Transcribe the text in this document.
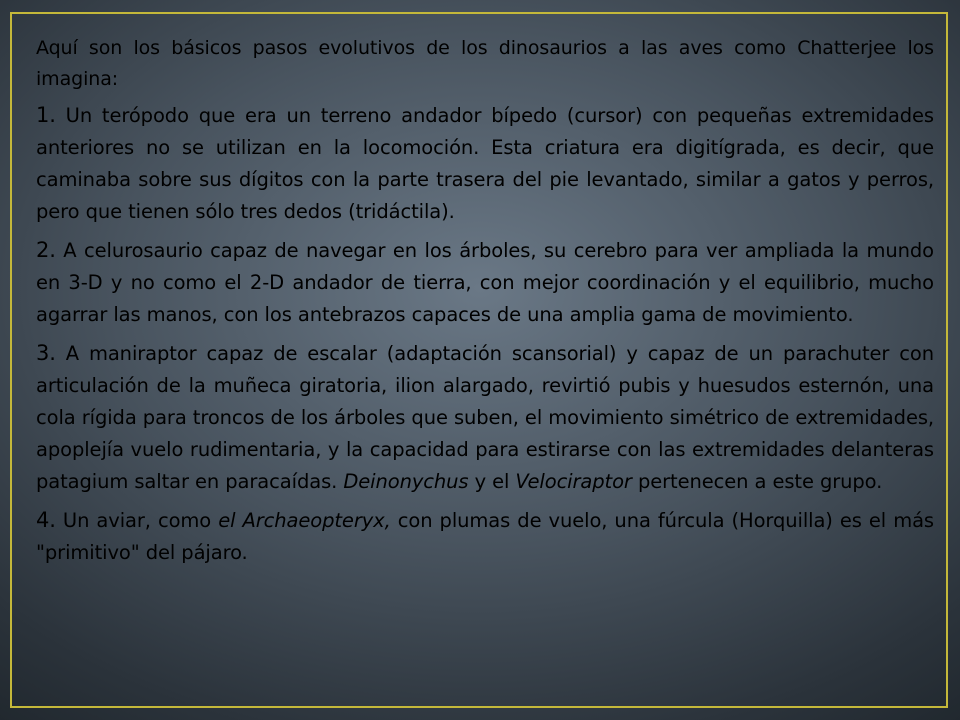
Aquí son los básicos pasos evolutivos de los dinosaurios a las aves como Chatterjee los imagina:

1. Un terópodo que era un terreno andador bípedo (cursor) con pequeñas extremidades anteriores no se utilizan en la locomoción. Esta criatura era digitígrada, es decir, que caminaba sobre sus dígitos con la parte trasera del pie levantado, similar a gatos y perros, pero que tienen sólo tres dedos (tridáctila).

2. A celurosaurio capaz de navegar en los árboles, su cerebro para ver ampliada la mundo en 3-D y no como el 2-D andador de tierra, con mejor coordinación y el equilibrio, mucho agarrar las manos, con los antebrazos capaces de una amplia gama de movimiento.

3. A maniraptor capaz de escalar (adaptación scansorial) y capaz de un parachuter con articulación de la muñeca giratoria, ilion alargado, revirtió pubis y huesudos esternón, una cola rígida para troncos de los árboles que suben, el movimiento simétrico de extremidades, apoplejía vuelo rudimentaria, y la capacidad para estirarse con las extremidades delanteras patagium saltar en paracaídas. Deinonychus y el Velociraptor pertenecen a este grupo.

4. Un aviar, como el Archaeopteryx, con plumas de vuelo, una fúrcula (Horquilla) es el más "primitivo" del pájaro.
